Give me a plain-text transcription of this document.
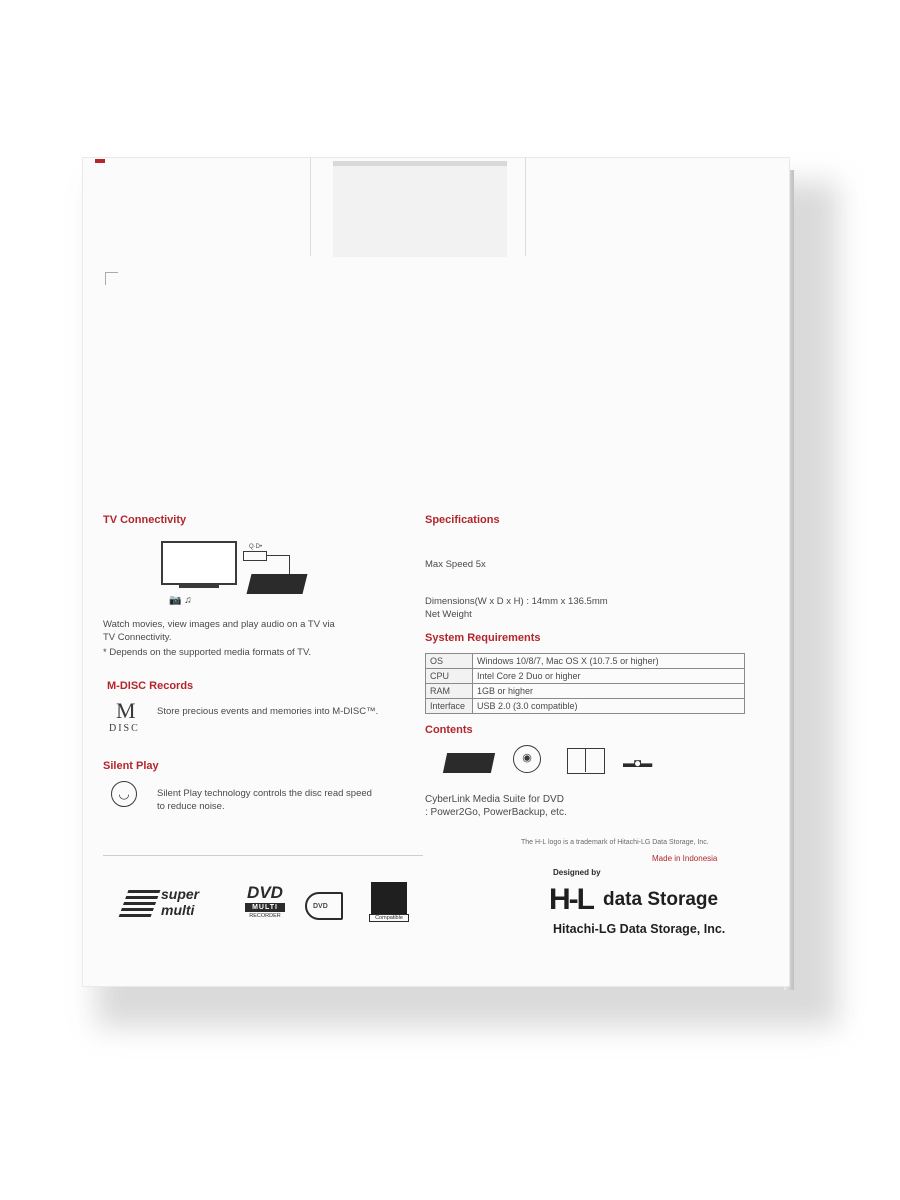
TV Connectivity
Q·D•
📷 ♫
Watch movies, view images and play audio on a TV via
TV Connectivity.
* Depends on the supported media formats of TV.
M-DISC Records
M
DISC
Store precious events and memories into M-DISC™.
Silent Play
◡	Silent Play technology controls the disc read speed
to reduce noise.
Specifications
Max Speed 5x
Dimensions(W x D x H) : 14mm x 136.5mm
Net Weight
System Requirements
OS	Windows 10/8/7, Mac OS X (10.7.5 or higher)
CPU	Intel Core 2 Duo or higher
RAM	1GB or higher
Interface	USB 2.0 (3.0 compatible)
Contents
◉	▬◘▬
CyberLink Media Suite for DVD
: Power2Go, PowerBackup, etc.
super
multi
DVD
MULTI
RECORDER
DVD
Compatible
The H-L logo is a trademark of Hitachi-LG Data Storage, Inc.
Made in Indonesia
Designed by
H-L data Storage
Hitachi-LG Data Storage, Inc.
